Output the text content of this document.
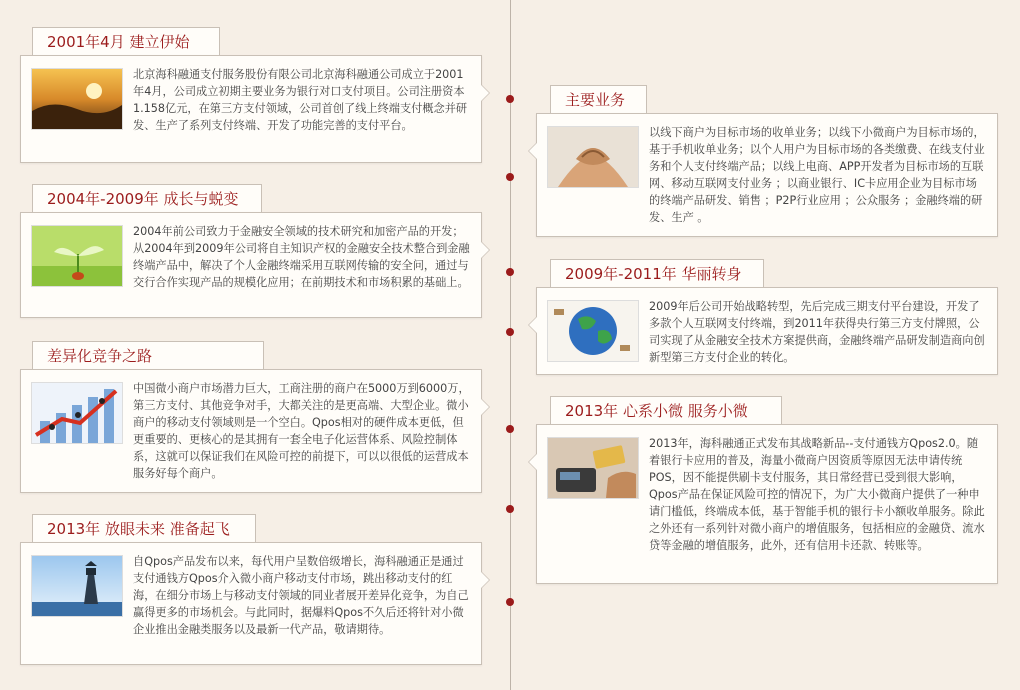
2001年4月 建立伊始
北京海科融通支付服务股份有限公司北京海科融通公司成立于2001年4月，公司成立初期主要业务为银行对口支付项目。公司注册资本1.158亿元，在第三方支付领域，公司首创了线上终端支付概念并研发、生产了系列支付终端、开发了功能完善的支付平台。
2004年-2009年 成长与蜕变
2004年前公司致力于金融安全领域的技术研究和加密产品的开发；从2004年到2009年公司将自主知识产权的金融安全技术整合到金融终端产品中，解决了个人金融终端采用互联网传输的安全问，通过与交行合作实现产品的规模化应用；在前期技术和市场积累的基础上。
差异化竞争之路
中国微小商户市场潜力巨大，工商注册的商户在5000万到6000万，第三方支付、其他竞争对手，大都关注的是更高端、大型企业。微小商户的移动支付领域则是一个空白。Qpos相对的硬件成本更低，但更重要的、更核心的是其拥有一套全电子化运营体系、风险控制体系，这就可以保证我们在风险可控的前提下，可以以很低的运营成本服务好每个商户。
2013年 放眼未来 准备起飞
自Qpos产品发布以来，每代用户呈数倍级增长，海科融通正是通过支付通钱方Qpos介入微小商户移动支付市场，跳出移动支付的红海，在细分市场上与移动支付领域的同业者展开差异化竞争，为自己赢得更多的市场机会。与此同时，据爆料Qpos不久后还将针对小微企业推出金融类服务以及最新一代产品，敬请期待。
主要业务
以线下商户为目标市场的收单业务；以线下小微商户为目标市场的，基于手机收单业务；以个人用户为目标市场的各类缴费、在线支付业务和个人支付终端产品；以线上电商、APP开发者为目标市场的互联网、移动互联网支付业务 ；以商业银行、IC卡应用企业为目标市场的终端产品研发、销售 ；P2P行业应用 ；公众服务 ；金融终端的研发、生产 。
2009年-2011年 华丽转身
2009年后公司开始战略转型，先后完成三期支付平台建设，开发了多款个人互联网支付终端，到2011年获得央行第三方支付牌照，公司实现了从金融安全技术方案提供商，金融终端产品研发制造商向创新型第三方支付企业的转化。
2013年 心系小微 服务小微
2013年，海科融通正式发布其战略新品--支付通钱方Qpos2.0。随着银行卡应用的普及，海量小微商户因资质等原因无法申请传统POS，因不能提供刷卡支付服务，其日常经营已受到很大影响， Qpos产品在保证风险可控的情况下，为广大小微商户提供了一种申请门槛低，终端成本低，基于智能手机的银行卡小额收单服务。除此之外还有一系列针对微小商户的增值服务，包括相应的金融贷、流水贷等金融的增值服务，此外，还有信用卡还款、转账等。
